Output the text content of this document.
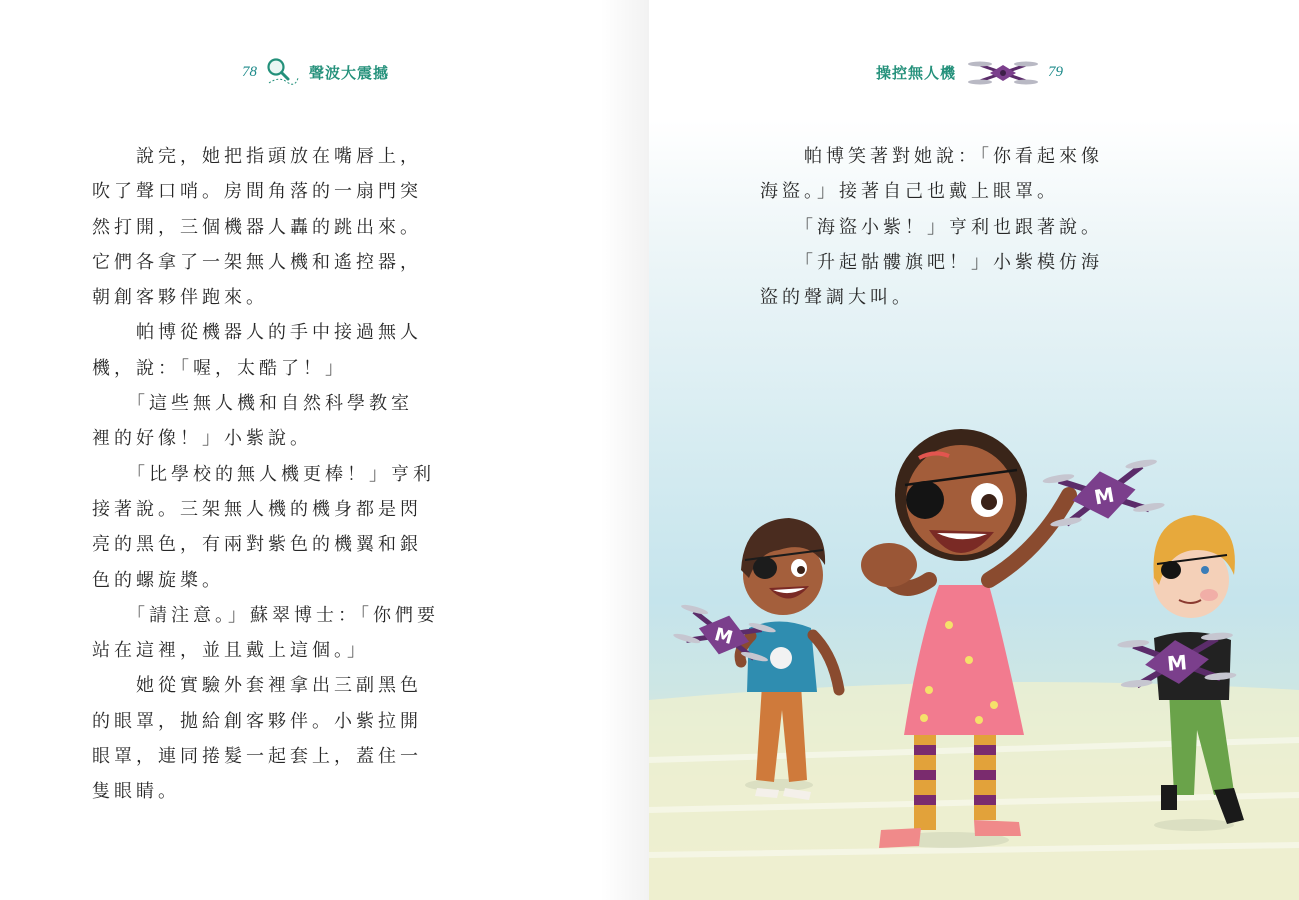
78	聲波大震撼
　　說完，她把指頭放在嘴唇上，
吹了聲口哨。房間角落的一扇門突
然打開，三個機器人轟的跳出來。
它們各拿了一架無人機和遙控器，
朝創客夥伴跑來。
　　帕博從機器人的手中接過無人
機，說：「喔，太酷了！」
　　「這些無人機和自然科學教室
裡的好像！」小紫說。
　　「比學校的無人機更棒！」亨利
接著說。三架無人機的機身都是閃
亮的黑色，有兩對紫色的機翼和銀
色的螺旋槳。
　　「請注意。」蘇翠博士：「你們要
站在這裡，並且戴上這個。」
　　她從實驗外套裡拿出三副黑色
的眼罩，拋給創客夥伴。小紫拉開
眼罩，連同捲髮一起套上，蓋住一
隻眼睛。
操控無人機	79
　　帕博笑著對她說：「你看起來像
海盜。」接著自己也戴上眼罩。
　　「海盜小紫！」亨利也跟著說。
　　「升起骷髏旗吧！」小紫模仿海
盜的聲調大叫。
M
M
M
